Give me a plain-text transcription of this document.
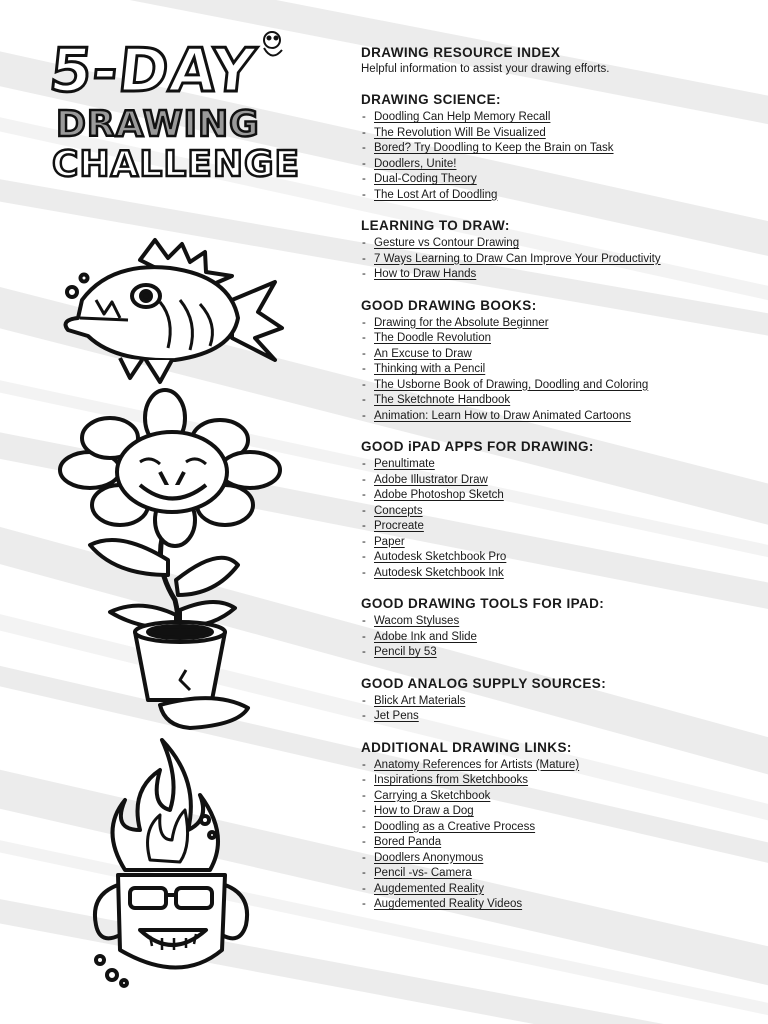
5-DAY
DRAWING
CHALLENGE
DRAWING RESOURCE INDEX

Helpful information to assist your drawing efforts.

DRAWING SCIENCE:
- Doodling Can Help Memory Recall
- The Revolution Will Be Visualized
- Bored? Try Doodling to Keep the Brain on Task
- Doodlers, Unite!
- Dual-Coding Theory
- The Lost Art of Doodling
LEARNING TO DRAW:
- Gesture vs Contour Drawing
- 7 Ways Learning to Draw Can Improve Your Productivity
- How to Draw Hands
GOOD DRAWING BOOKS:
- Drawing for the Absolute Beginner
- The Doodle Revolution
- An Excuse to Draw
- Thinking with a Pencil
- The Usborne Book of Drawing, Doodling and Coloring
- The Sketchnote Handbook
- Animation: Learn How to Draw Animated Cartoons
GOOD iPAD APPS FOR DRAWING:
- Penultimate
- Adobe Illustrator Draw
- Adobe Photoshop Sketch
- Concepts
- Procreate
- Paper
- Autodesk Sketchbook Pro
- Autodesk Sketchbook Ink
GOOD DRAWING TOOLS FOR IPAD:
- Wacom Styluses
- Adobe Ink and Slide
- Pencil by 53
GOOD ANALOG SUPPLY SOURCES:
- Blick Art Materials
- Jet Pens
ADDITIONAL DRAWING LINKS:
- Anatomy References for Artists (Mature)
- Inspirations from Sketchbooks
- Carrying a Sketchbook
- How to Draw a Dog
- Doodling as a Creative Process
- Bored Panda
- Doodlers Anonymous
- Pencil -vs- Camera
- Augdemented Reality
- Augdemented Reality Videos
